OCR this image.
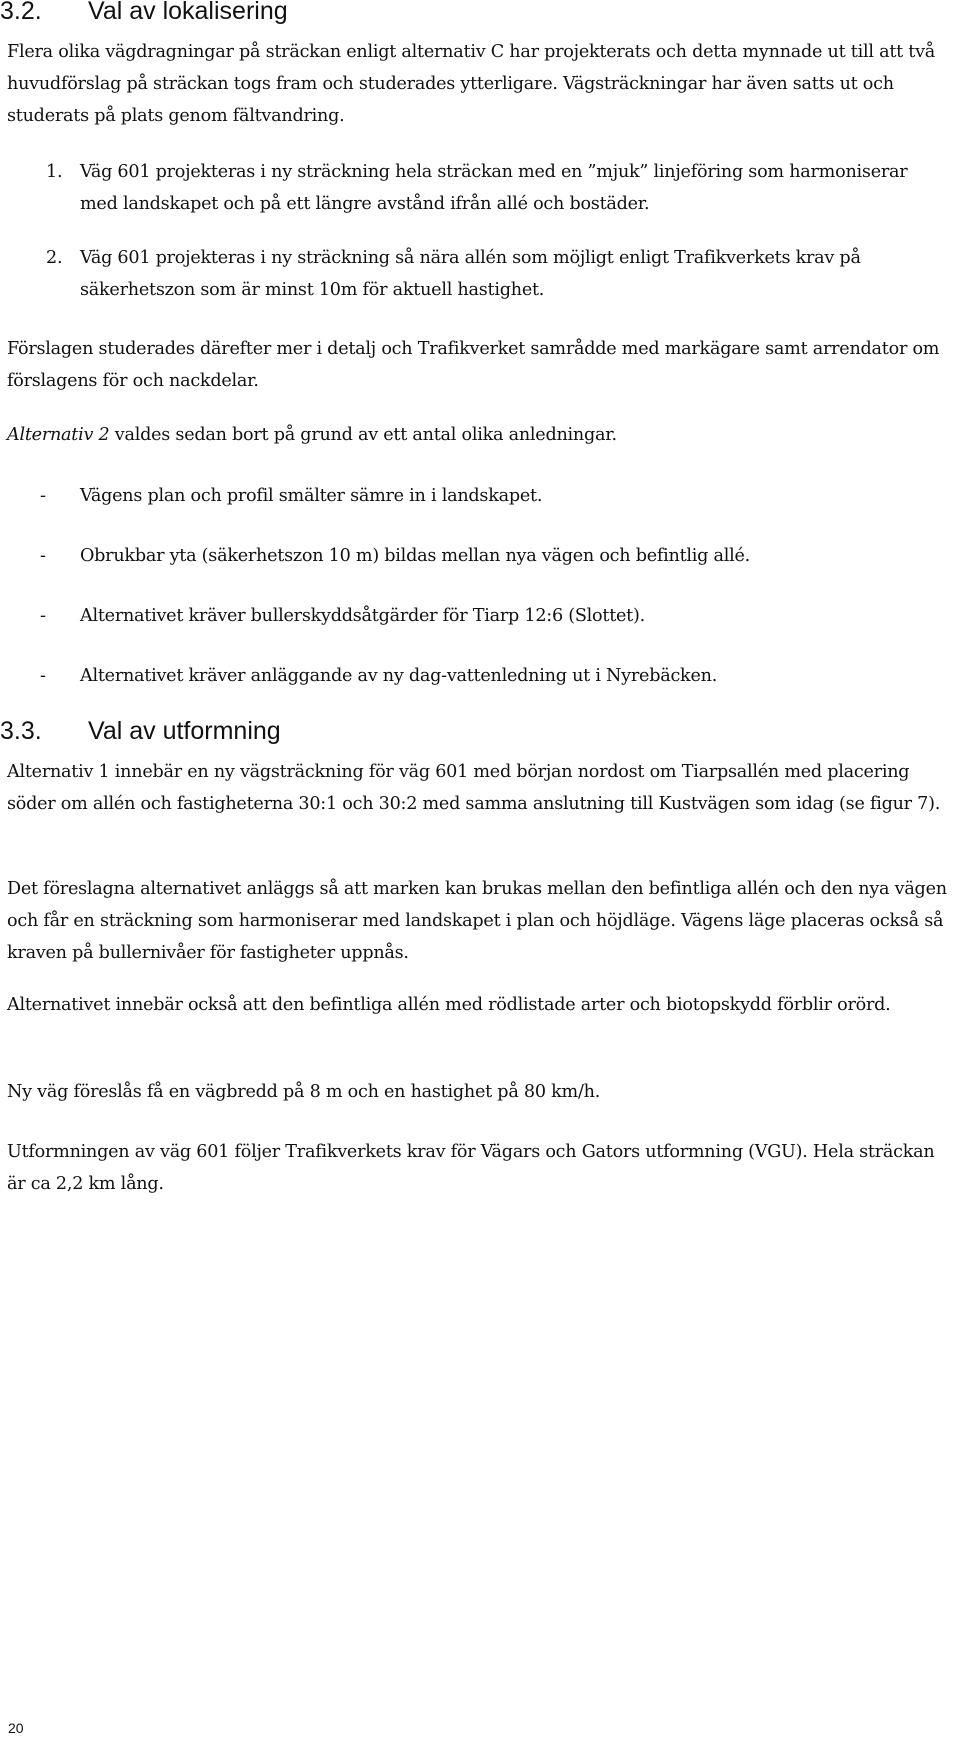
3.2. Val av lokalisering

Flera olika vägdragningar på sträckan enligt alternativ C har projekterats och detta mynnade ut till att två huvudförslag på sträckan togs fram och studerades ytterligare. Vägsträckningar har även satts ut och studerats på plats genom fältvandring.

1. Väg 601 projekteras i ny sträckning hela sträckan med en ”mjuk” linjeföring som harmoniserar med landskapet och på ett längre avstånd ifrån allé och bostäder.
2. Väg 601 projekteras i ny sträckning så nära allén som möjligt enligt Trafikverkets krav på säkerhetszon som är minst 10m för aktuell hastighet.

Förslagen studerades därefter mer i detalj och Trafikverket samrådde med markägare samt arrendator om förslagens för och nackdelar.

Alternativ 2 valdes sedan bort på grund av ett antal olika anledningar.

- Vägens plan och profil smälter sämre in i landskapet.
- Obrukbar yta (säkerhetszon 10 m) bildas mellan nya vägen och befintlig allé.
- Alternativet kräver bullerskyddsåtgärder för Tiarp 12:6 (Slottet).
- Alternativet kräver anläggande av ny dag-vattenledning ut i Nyrebäcken.
3.3. Val av utformning

Alternativ 1 innebär en ny vägsträckning för väg 601 med början nordost om Tiarpsallén med placering söder om allén och fastigheterna 30:1 och 30:2 med samma anslutning till Kustvägen som idag (se figur 7).

Det föreslagna alternativet anläggs så att marken kan brukas mellan den befintliga allén och den nya vägen och får en sträckning som harmoniserar med landskapet i plan och höjdläge. Vägens läge placeras också så kraven på bullernivåer för fastigheter uppnås.

Alternativet innebär också att den befintliga allén med rödlistade arter och biotopskydd förblir orörd.

Ny väg föreslås få en vägbredd på 8 m och en hastighet på 80 km/h.

Utformningen av väg 601 följer Trafikverkets krav för Vägars och Gators utformning (VGU). Hela sträckan är ca 2,2 km lång.

20
